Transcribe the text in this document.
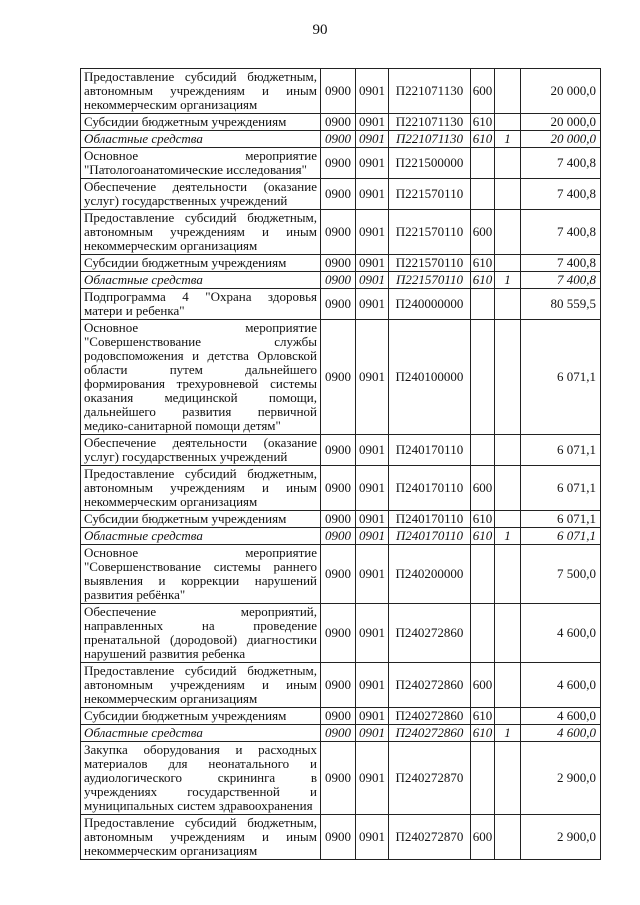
90
Предоставление субсидий бюджетным, автономным учреждениям и иным некоммерческим организациям	0900	0901	П221071130	600		20 000,0
Субсидии бюджетным учреждениям	0900	0901	П221071130	610		20 000,0
Областные средства	0900	0901	П221071130	610	1	20 000,0
Основное мероприятие "Патологоанатомические исследования"	0900	0901	П221500000			7 400,8
Обеспечение деятельности (оказание услуг) государственных учреждений	0900	0901	П221570110			7 400,8
Предоставление субсидий бюджетным, автономным учреждениям и иным некоммерческим организациям	0900	0901	П221570110	600		7 400,8
Субсидии бюджетным учреждениям	0900	0901	П221570110	610		7 400,8
Областные средства	0900	0901	П221570110	610	1	7 400,8
Подпрограмма 4 "Охрана здоровья матери и ребенка"	0900	0901	П240000000			80 559,5
Основное мероприятие "Совершенствование службы родовспоможения и детства Орловской области путем дальнейшего формирования трехуровневой системы оказания медицинской помощи, дальнейшего развития первичной медико-санитарной помощи детям"	0900	0901	П240100000			6 071,1
Обеспечение деятельности (оказание услуг) государственных учреждений	0900	0901	П240170110			6 071,1
Предоставление субсидий бюджетным, автономным учреждениям и иным некоммерческим организациям	0900	0901	П240170110	600		6 071,1
Субсидии бюджетным учреждениям	0900	0901	П240170110	610		6 071,1
Областные средства	0900	0901	П240170110	610	1	6 071,1
Основное мероприятие "Совершенствование системы раннего выявления и коррекции нарушений развития ребёнка"	0900	0901	П240200000			7 500,0
Обеспечение мероприятий, направленных на проведение пренатальной (дородовой) диагностики нарушений развития ребенка	0900	0901	П240272860			4 600,0
Предоставление субсидий бюджетным, автономным учреждениям и иным некоммерческим организациям	0900	0901	П240272860	600		4 600,0
Субсидии бюджетным учреждениям	0900	0901	П240272860	610		4 600,0
Областные средства	0900	0901	П240272860	610	1	4 600,0
Закупка оборудования и расходных материалов для неонатального и аудиологического скрининга в учреждениях государственной и муниципальных систем здравоохранения	0900	0901	П240272870			2 900,0
Предоставление субсидий бюджетным, автономным учреждениям и иным некоммерческим организациям	0900	0901	П240272870	600		2 900,0
